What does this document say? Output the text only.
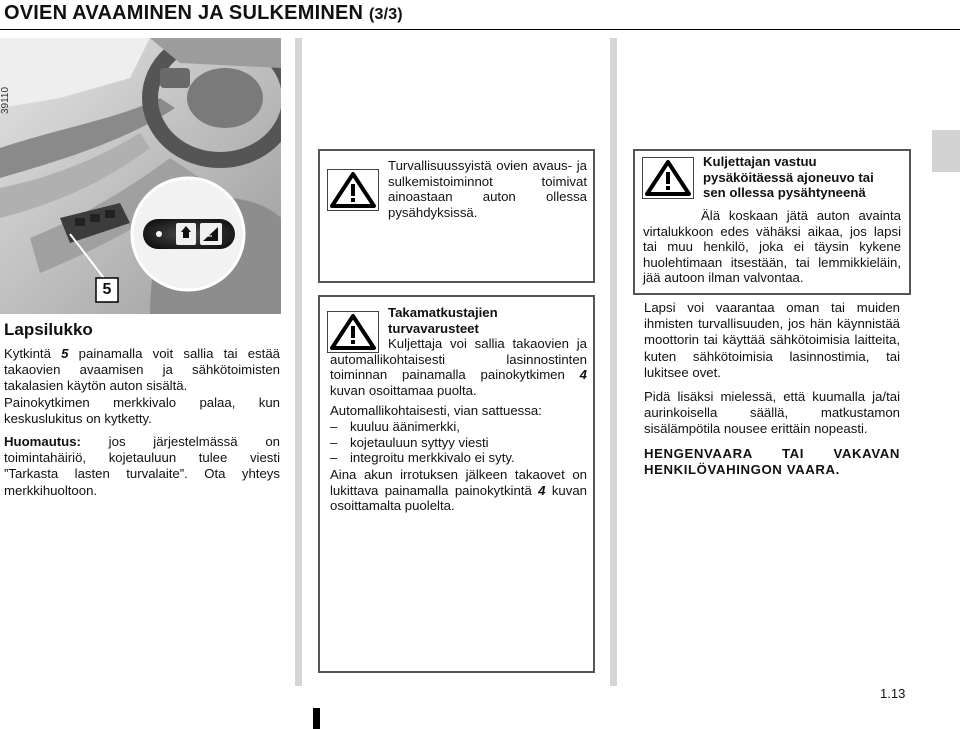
OVIEN AVAAMINEN JA SULKEMINEN (3/3)
5
39110
Lapsilukko

Kytkintä 5 painamalla voit sallia tai estää takaovien avaamisen ja sähkötoimisten takalasien käytön auton sisältä.

Painokytkimen merkkivalo palaa, kun keskuslukitus on kytketty.

Huomautus: jos järjestelmässä on toimintahäiriö, kojetauluun tulee viesti ”Tarkasta lasten turvalaite”. Ota yhteys merkkihuoltoon.

Turvallisuussyistä ovien avaus- ja sulkemistoiminnot toimivat ainoastaan auton ollessa pysähdyksissä.
Takamatkustajien
turvavarusteet
Kuljettaja voi sallia takaovien ja automallikohtaisesti lasinnostinten toiminnan painamalla painokytkimen 4 kuvan osoittamaa puolta.
Automallikohtaisesti, vian sattuessa:
– kuuluu äänimerkki,
– kojetauluun syttyy viesti
– integroitu merkkivalo ei syty.
Aina akun irrotuksen jälkeen takaovet on lukittava painamalla painokytkintä 4 kuvan osoittamalta puolelta.
Kuljettajan vastuu
pysäköitäessä ajoneuvo tai
sen ollessa pysähtyneenä
Älä koskaan jätä auton avainta virtalukkoon edes vähäksi aikaa, jos lapsi tai muu henkilö, joka ei täysin kykene huolehtimaan itsestään, tai lemmikkieläin, jää autoon ilman valvontaa.

Lapsi voi vaarantaa oman tai muiden ihmisten turvallisuuden, jos hän käynnistää moottorin tai käyttää sähkötoimisia laitteita, kuten sähkötoimisia lasinnostimia, tai lukitsee ovet.

Pidä lisäksi mielessä, että kuumalla ja/tai aurinkoisella säällä, matkustamon sisälämpötila nousee erittäin nopeasti.

HENGENVAARA TAI VAKAVAN HENKILÖVAHINGON VAARA.

1.13
